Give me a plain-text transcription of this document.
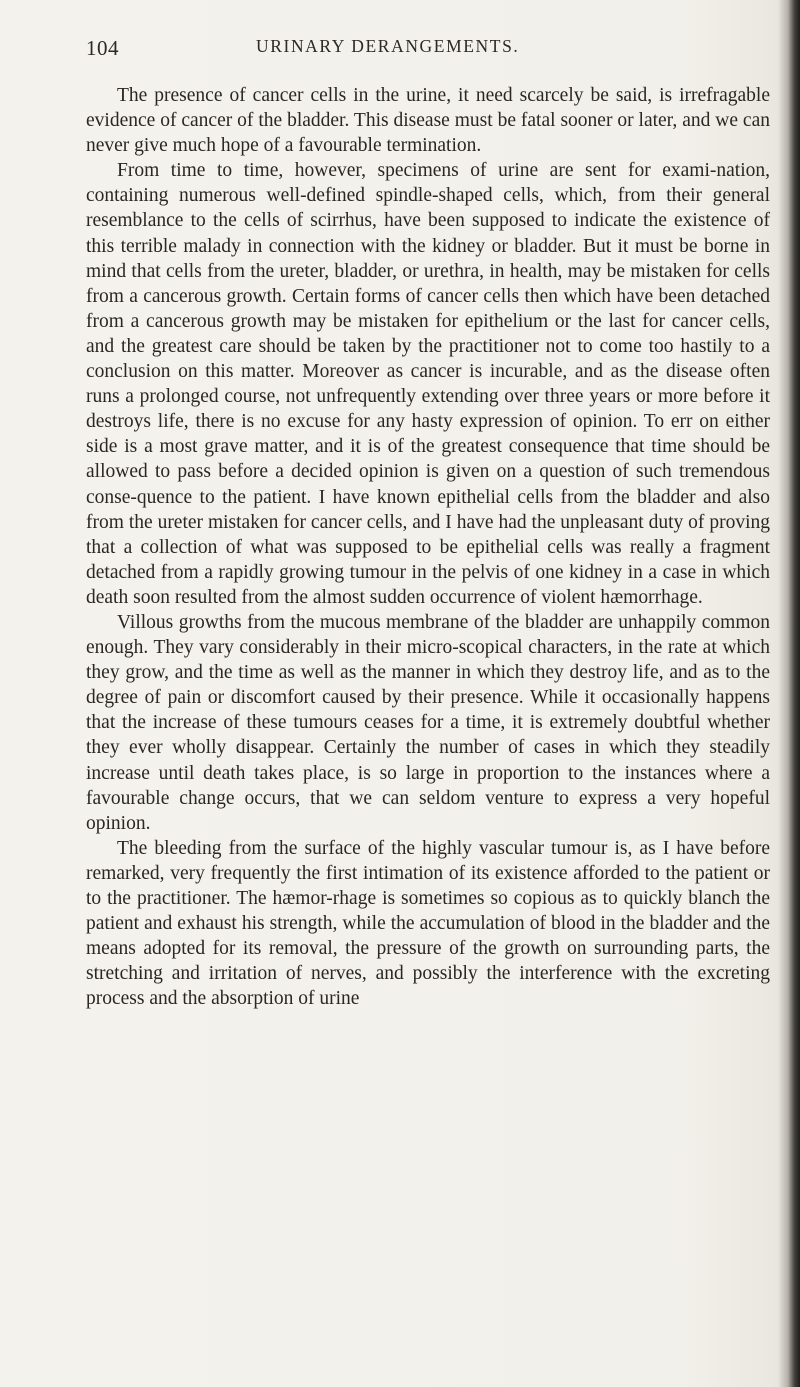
104	URINARY DERANGEMENTS.

The presence of cancer cells in the urine, it need scarcely be said, is irrefragable evidence of cancer of the bladder. This disease must be fatal sooner or later, and we can never give much hope of a favourable termination.

From time to time, however, specimens of urine are sent for exami-nation, containing numerous well-defined spindle-shaped cells, which, from their general resemblance to the cells of scirrhus, have been supposed to indicate the existence of this terrible malady in connection with the kidney or bladder. But it must be borne in mind that cells from the ureter, bladder, or urethra, in health, may be mistaken for cells from a cancerous growth. Certain forms of cancer cells then which have been detached from a cancerous growth may be mistaken for epithelium or the last for cancer cells, and the greatest care should be taken by the practitioner not to come too hastily to a conclusion on this matter. Moreover as cancer is incurable, and as the disease often runs a prolonged course, not unfrequently extending over three years or more before it destroys life, there is no excuse for any hasty expression of opinion. To err on either side is a most grave matter, and it is of the greatest consequence that time should be allowed to pass before a decided opinion is given on a question of such tremendous conse-quence to the patient. I have known epithelial cells from the bladder and also from the ureter mistaken for cancer cells, and I have had the unpleasant duty of proving that a collection of what was supposed to be epithelial cells was really a fragment detached from a rapidly growing tumour in the pelvis of one kidney in a case in which death soon resulted from the almost sudden occurrence of violent hæmorrhage.

Villous growths from the mucous membrane of the bladder are unhappily common enough. They vary considerably in their micro-scopical characters, in the rate at which they grow, and the time as well as the manner in which they destroy life, and as to the degree of pain or discomfort caused by their presence. While it occasionally happens that the increase of these tumours ceases for a time, it is extremely doubtful whether they ever wholly disappear. Certainly the number of cases in which they steadily increase until death takes place, is so large in proportion to the instances where a favourable change occurs, that we can seldom venture to express a very hopeful opinion.

The bleeding from the surface of the highly vascular tumour is, as I have before remarked, very frequently the first intimation of its existence afforded to the patient or to the practitioner. The hæmor-rhage is sometimes so copious as to quickly blanch the patient and exhaust his strength, while the accumulation of blood in the bladder and the means adopted for its removal, the pressure of the growth on surrounding parts, the stretching and irritation of nerves, and possibly the interference with the excreting process and the absorption of urine
